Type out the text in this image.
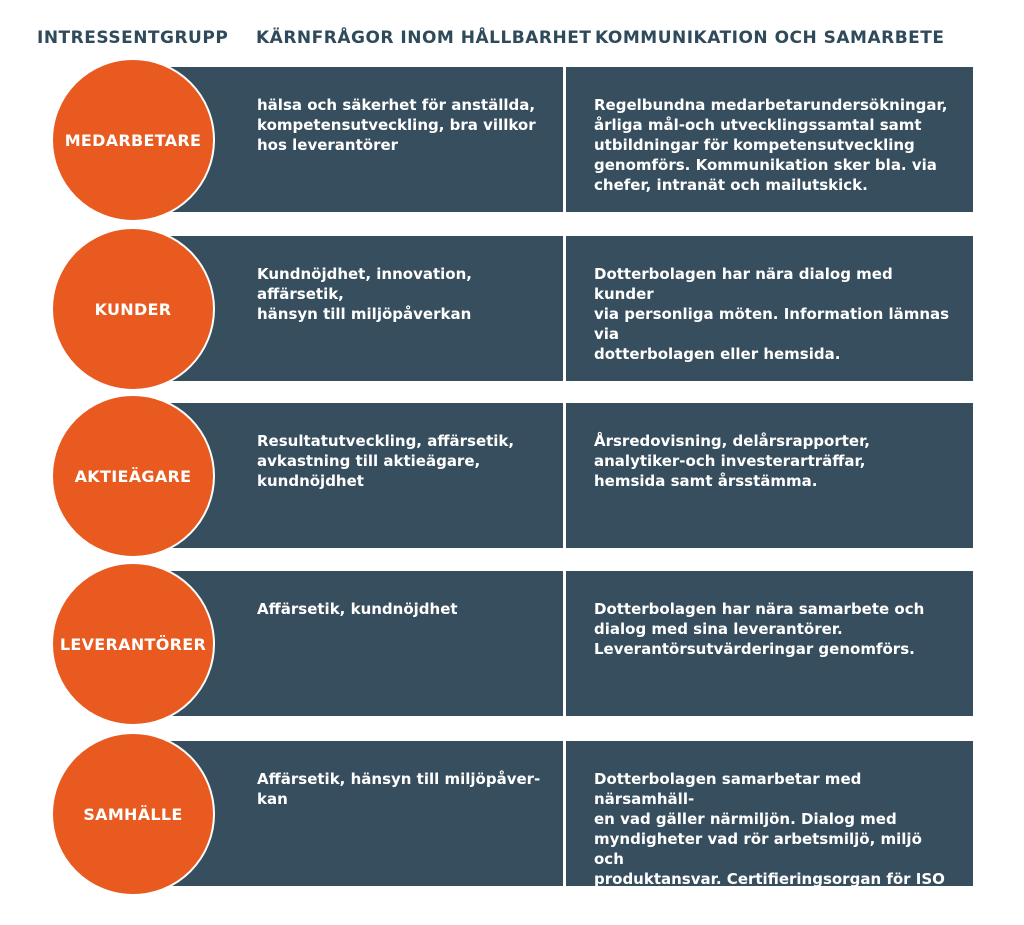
INTRESSENTGRUPP KÄRNFRÅGOR INOM HÅLLBARHET KOMMUNIKATION OCH SAMARBETE
MEDARBETARE
hälsa och säkerhet för anställda,
kompetensutveckling, bra villkor
hos leverantörer
Regelbundna medarbetarundersökningar,
årliga mål-och utvecklingssamtal samt
utbildningar för kompetensutveckling
genomförs. Kommunikation sker bla. via
chefer, intranät och mailutskick.
KUNDER
Kundnöjdhet, innovation, affärsetik,
hänsyn till miljöpåverkan
Dotterbolagen har nära dialog med kunder
via personliga möten. Information lämnas via
dotterbolagen eller hemsida.
AKTIEÄGARE
Resultatutveckling, affärsetik,
avkastning till aktieägare,
kundnöjdhet
Årsredovisning, delårsrapporter,
analytiker-och investerarträffar,
hemsida samt årsstämma.
LEVERANTÖRER
Affärsetik, kundnöjdhet	Dotterbolagen har nära samarbete och
dialog med sina leverantörer.
Leverantörsutvärderingar genomförs.
SAMHÄLLE
Affärsetik, hänsyn till miljöpåver-
kan
Dotterbolagen samarbetar med närsamhäll-
en vad gäller närmiljön. Dialog med
myndigheter vad rör arbetsmiljö, miljö och
produktansvar. Certifieringsorgan för ISO
etc.
